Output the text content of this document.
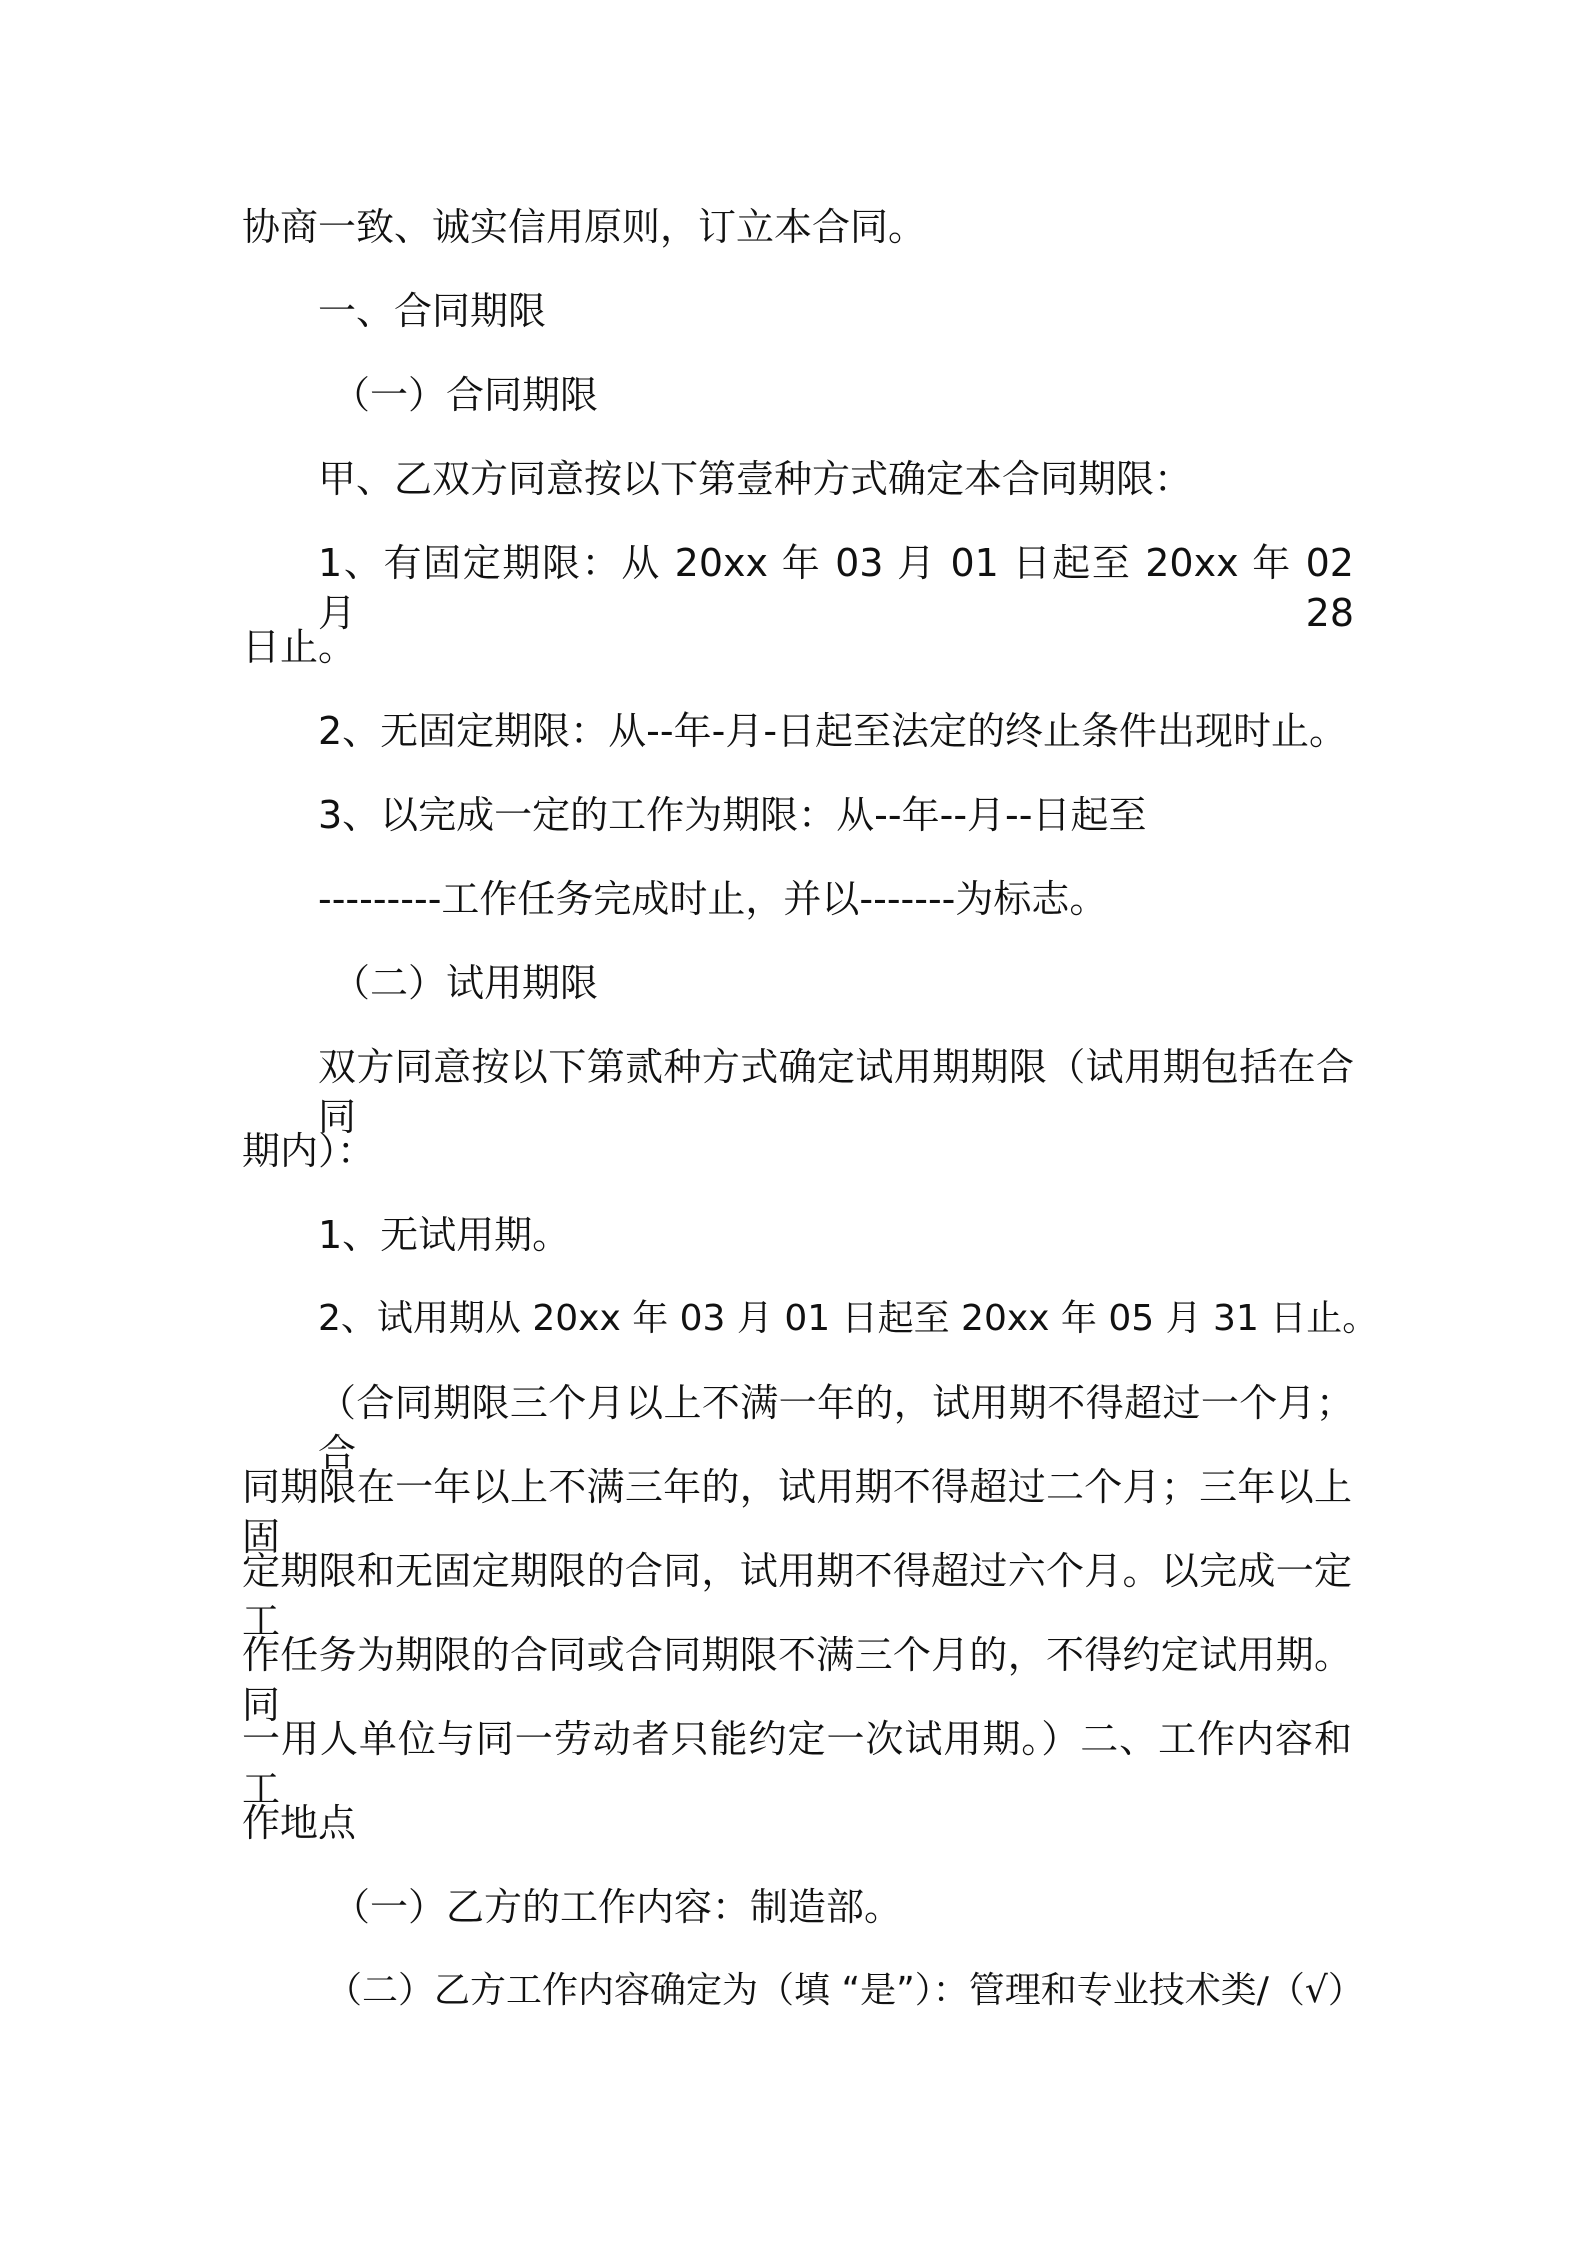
协商一致、诚实信用原则，订立本合同。
一、合同期限
（一）合同期限
甲、乙双方同意按以下第壹种方式确定本合同期限：
1、有固定期限：从 20xx 年 03 月 01 日起至 20xx 年 02 月 28
日止。
2、无固定期限：从--年-月-日起至法定的终止条件出现时止。
3、以完成一定的工作为期限：从--年--月--日起至
---------工作任务完成时止，并以-------为标志。
（二）试用期限
双方同意按以下第贰种方式确定试用期期限（试用期包括在合同
期内）：
1、无试用期。
2、试用期从 20xx 年 03 月 01 日起至 20xx 年 05 月 31 日止。
（合同期限三个月以上不满一年的，试用期不得超过一个月；合
同期限在一年以上不满三年的，试用期不得超过二个月；三年以上固
定期限和无固定期限的合同，试用期不得超过六个月。以完成一定工
作任务为期限的合同或合同期限不满三个月的，不得约定试用期。同
一用人单位与同一劳动者只能约定一次试用期。）二、工作内容和工
作地点
（一）乙方的工作内容：制造部。
（二）乙方工作内容确定为（填 “是”）：管理和专业技术类/（√）
